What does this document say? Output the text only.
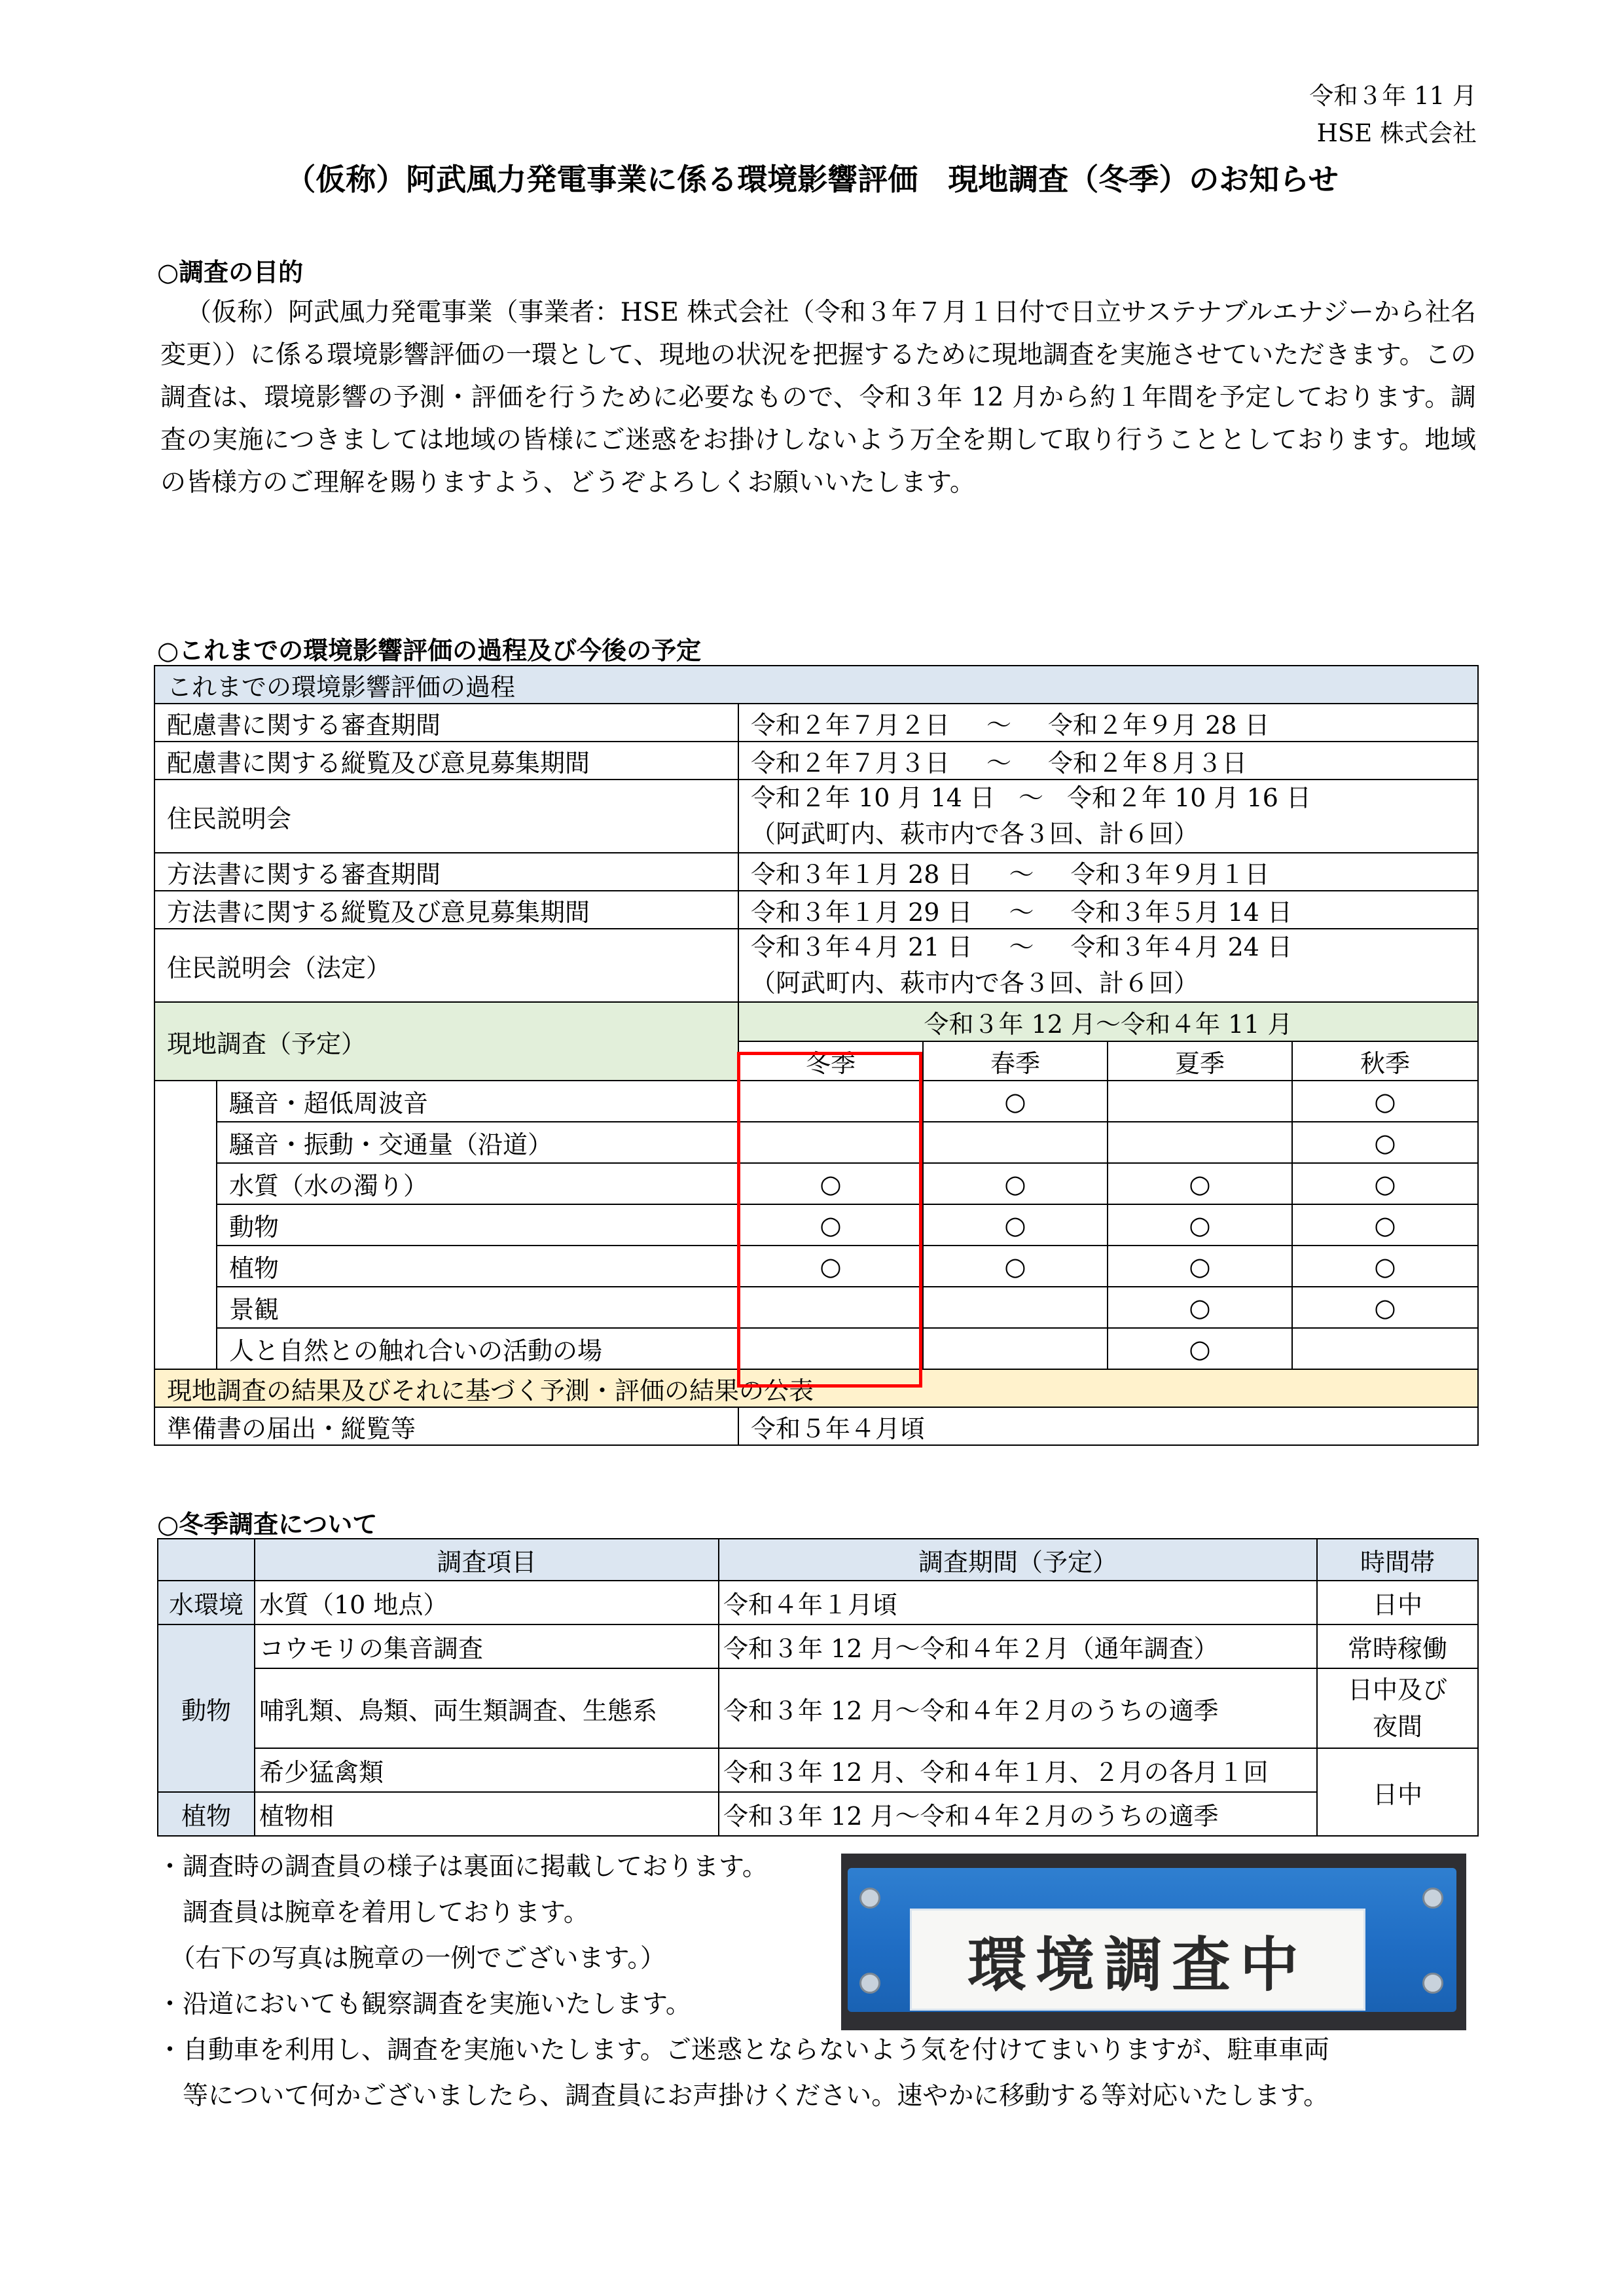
令和３年 11 月
HSE 株式会社
（仮称）阿武風力発電事業に係る環境影響評価　現地調査（冬季）のお知らせ
○調査の目的
（仮称）阿武風力発電事業（事業者：HSE 株式会社（令和３年７月１日付で日立サステナブルエナジーから社名変更））に係る環境影響評価の一環として、現地の状況を把握するために現地調査を実施させていただきます。この調査は、環境影響の予測・評価を行うために必要なもので、令和３年 12 月から約１年間を予定しております。調査の実施につきましては地域の皆様にご迷惑をお掛けしないよう万全を期して取り行うこととしております。地域の皆様方のご理解を賜りますよう、どうぞよろしくお願いいたします。
○これまでの環境影響評価の過程及び今後の予定
これまでの環境影響評価の過程					
配慮書に関する審査期間		令和２年７月２日 ～ 令和２年９月 28 日			
配慮書に関する縦覧及び意見募集期間		令和２年７月３日 ～ 令和２年８月３日			
住民説明会		令和２年 10 月 14 日 ～ 令和２年 10 月 16 日
（阿武町内、萩市内で各３回、計６回）			
方法書に関する審査期間		令和３年１月 28 日 ～ 令和３年９月１日			
方法書に関する縦覧及び意見募集期間		令和３年１月 29 日 ～ 令和３年５月 14 日			
住民説明会（法定）		令和３年４月 21 日 ～ 令和３年４月 24 日
（阿武町内、萩市内で各３回、計６回）			
現地調査（予定）		令和３年 12 月～令和４年 11 月			
		冬季	春季	夏季	秋季
	騒音・超低周波音		○		○
	騒音・振動・交通量（沿道）				○
	水質（水の濁り）	○	○	○	○
	動物	○	○	○	○
	植物	○	○	○	○
	景観			○	○
	人と自然との触れ合いの活動の場			○	
現地調査の結果及びそれに基づく予測・評価の結果の公表					
準備書の届出・縦覧等		令和５年４月頃			
○冬季調査について
	調査項目	調査期間（予定）	時間帯
水環境	水質（10 地点）	令和４年１月頃	日中
動物	コウモリの集音調査	令和３年 12 月～令和４年２月（通年調査）	常時稼働
	哺乳類、鳥類、両生類調査、生態系	令和３年 12 月～令和４年２月のうちの適季	日中及び
夜間
	希少猛禽類	令和３年 12 月、令和４年１月、２月の各月１回	日中
植物	植物相	令和３年 12 月～令和４年２月のうちの適季	
・調査時の調査員の様子は裏面に掲載しております。
　調査員は腕章を着用しております。
　（右下の写真は腕章の一例でございます。）
・沿道においても観察調査を実施いたします。
・自動車を利用し、調査を実施いたします。ご迷惑とならないよう気を付けてまいりますが、駐車車両
　等について何かございましたら、調査員にお声掛けください。速やかに移動する等対応いたします。
環境調査中
